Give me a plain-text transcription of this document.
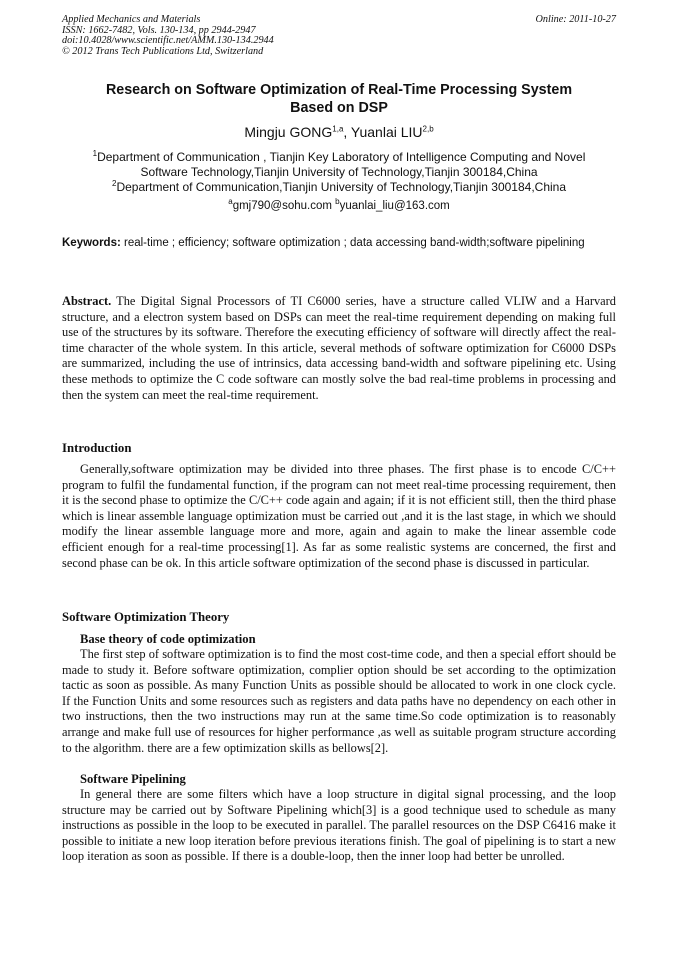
Applied Mechanics and Materials
ISSN: 1662-7482, Vols. 130-134, pp 2944-2947
doi:10.4028/www.scientific.net/AMM.130-134.2944
© 2012 Trans Tech Publications Ltd, Switzerland
Online: 2011-10-27
Research on Software Optimization of Real-Time Processing System
Based on DSP
Mingju GONG$^{1,a}$, Yuanlai LIU$^{2,b}$
$^1$Department of Communication , Tianjin Key Laboratory of Intelligence Computing and Novel
Software Technology,Tianjin University of Technology,Tianjin 300184,China
$^2$Department of Communication,Tianjin University of Technology,Tianjin 300184,China
$^a$gmj790@sohu.com $^b$yuanlai_liu@163.com
Keywords: real-time ; efficiency; software optimization ; data accessing band-width;software pipelining
Abstract. The Digital Signal Processors of TI C6000 series, have a structure called VLIW and a Harvard structure, and a electron system based on DSPs can meet the real-time requirement depending on making full use of the structures by its software. Therefore the executing efficiency of software will directly affect the real-time character of the whole system. In this article, several methods of software optimization for C6000 DSPs are summarized, including the use of intrinsics, data accessing band-width and software pipelining etc. Using these methods to optimize the C code software can mostly solve the bad real-time problems in processing and then the system can meet the real-time requirement.
Introduction
Generally,software optimization may be divided into three phases. The first phase is to encode C/C++ program to fulfil the fundamental function, if the program can not meet real-time processing requirement, then it is the second phase to optimize the C/C++ code again and again; if it is not efficient still, then the third phase which is linear assemble language optimization must be carried out ,and it is the last stage, in which we should modify the linear assemble language more and more, again and again to make the linear assemble code efficient enough for a real-time processing[1]. As far as some realistic systems are concerned, the first and second phase can be ok. In this article software optimization of the second phase is discussed in particular.
Software Optimization Theory
Base theory of code optimization
The first step of software optimization is to find the most cost-time code, and then a special effort should be made to study it. Before software optimization, complier option should be set according to the optimization tactic as soon as possible. As many Function Units as possible should be allocated to work in one clock cycle. If the Function Units and some resources such as registers and data paths have no dependency on each other in two instructions, then the two instructions may run at the same time.So code optimization is to reasonably arrange and make full use of resources for higher performance ,as well as suitable program structure according to the algorithm. there are a few optimization skills as bellows[2].
Software Pipelining
In general there are some filters which have a loop structure in digital signal processing, and the loop structure may be carried out by Software Pipelining which[3] is a good technique used to schedule as many instructions as possible in the loop to be executed in parallel. The parallel resources on the DSP C6416 make it possible to initiate a new loop iteration before previous iterations finish. The goal of pipelining is to start a new loop iteration as soon as possible. If there is a double-loop, then the inner loop had better be unrolled.
